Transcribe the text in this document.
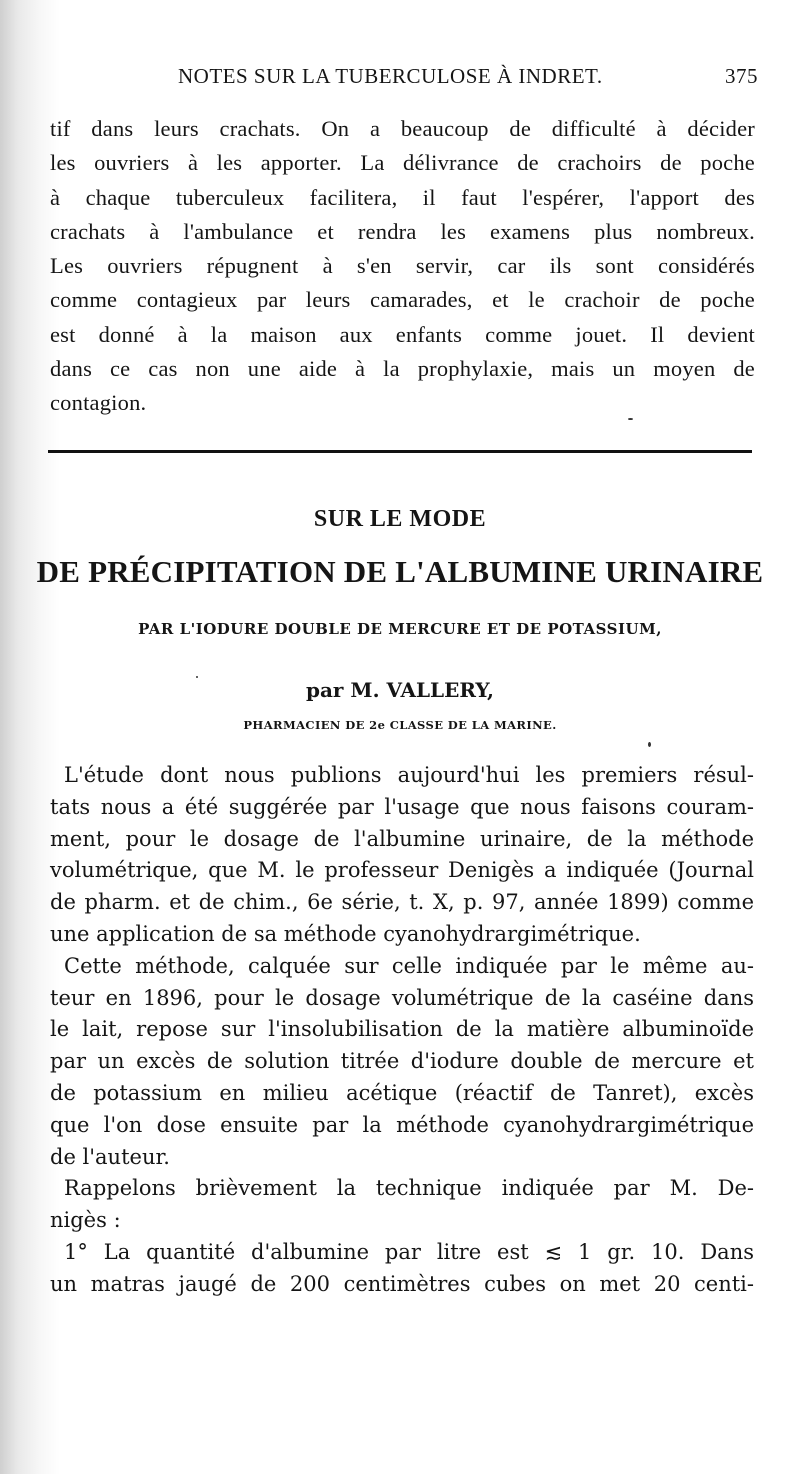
NOTES SUR LA TUBERCULOSE À INDRET.	375
tif dans leurs crachats. On a beaucoup de difficulté à décider
les ouvriers à les apporter. La délivrance de crachoirs de poche
à chaque tuberculeux facilitera, il faut l'espérer, l'apport des
crachats à l'ambulance et rendra les examens plus nombreux.
Les ouvriers répugnent à s'en servir, car ils sont considérés
comme contagieux par leurs camarades, et le crachoir de poche
est donné à la maison aux enfants comme jouet. Il devient
dans ce cas non une aide à la prophylaxie, mais un moyen de
contagion.
SUR LE MODE
DE PRÉCIPITATION DE L'ALBUMINE URINAIRE
PAR L'IODURE DOUBLE DE MERCURE ET DE POTASSIUM,
par M. VALLERY,
PHARMACIEN DE 2e CLASSE DE LA MARINE.
L'étude dont nous publions aujourd'hui les premiers résul-
tats nous a été suggérée par l'usage que nous faisons couram-
ment, pour le dosage de l'albumine urinaire, de la méthode
volumétrique, que M. le professeur Denigès a indiquée (Journal
de pharm. et de chim., 6e série, t. X, p. 97, année 1899) comme
une application de sa méthode cyanohydrargimétrique.
Cette méthode, calquée sur celle indiquée par le même au-
teur en 1896, pour le dosage volumétrique de la caséine dans
le lait, repose sur l'insolubilisation de la matière albuminoïde
par un excès de solution titrée d'iodure double de mercure et
de potassium en milieu acétique (réactif de Tanret), excès
que l'on dose ensuite par la méthode cyanohydrargimétrique
de l'auteur.
Rappelons brièvement la technique indiquée par M. De-
nigès :
1° La quantité d'albumine par litre est ≲ 1 gr. 10. Dans
un matras jaugé de 200 centimètres cubes on met 20 centi-
